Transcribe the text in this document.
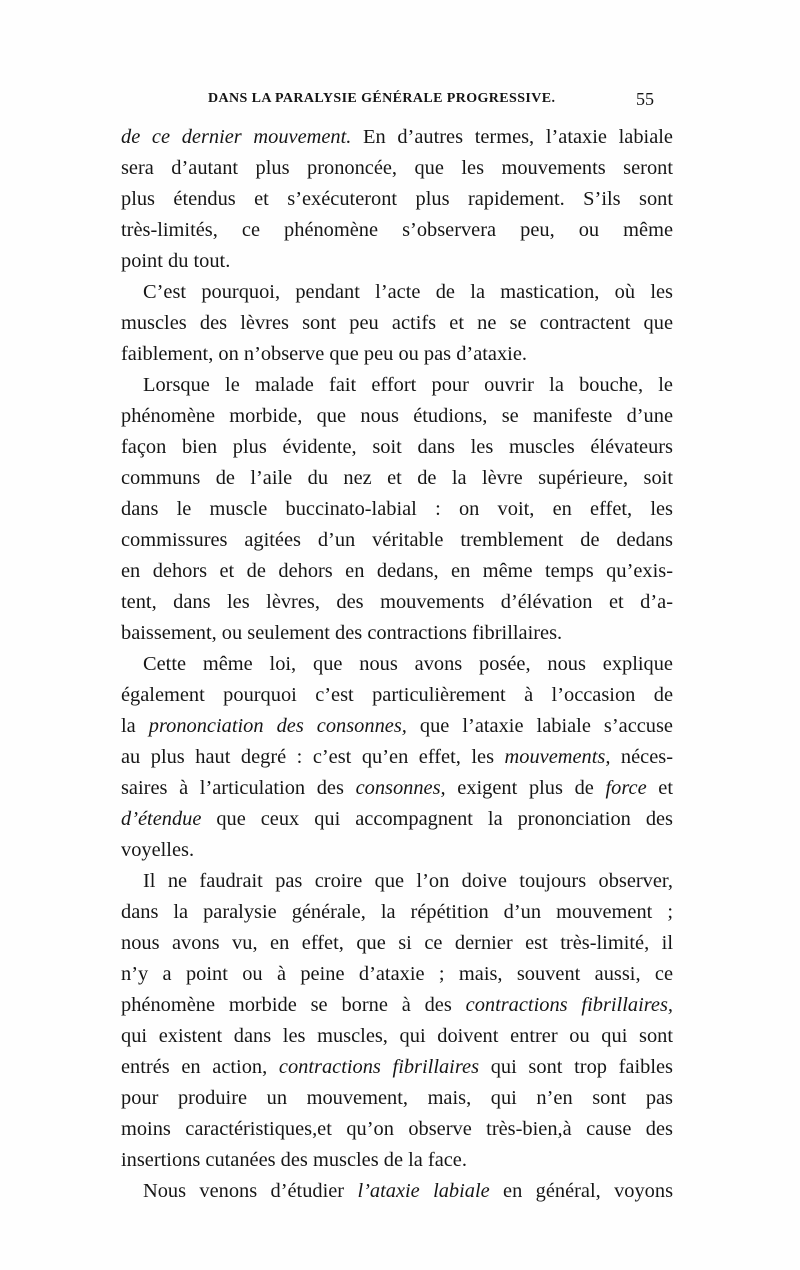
DANS LA PARALYSIE GÉNÉRALE PROGRESSIVE.	55
de ce dernier mouvement. En d’autres termes, l’ataxie labiale
sera d’autant plus prononcée, que les mouvements seront
plus étendus et s’exécuteront plus rapidement. S’ils sont
très-limités, ce phénomène s’observera peu, ou même
point du tout.
C’est pourquoi, pendant l’acte de la mastication, où les
muscles des lèvres sont peu actifs et ne se contractent que
faiblement, on n’observe que peu ou pas d’ataxie.
Lorsque le malade fait effort pour ouvrir la bouche, le
phénomène morbide, que nous étudions, se manifeste d’une
façon bien plus évidente, soit dans les muscles élévateurs
communs de l’aile du nez et de la lèvre supérieure, soit
dans le muscle buccinato-labial : on voit, en effet, les
commissures agitées d’un véritable tremblement de dedans
en dehors et de dehors en dedans, en même temps qu’exis-
tent, dans les lèvres, des mouvements d’élévation et d’a-
baissement, ou seulement des contractions fibrillaires.
Cette même loi, que nous avons posée, nous explique
également pourquoi c’est particulièrement à l’occasion de
la prononciation des consonnes, que l’ataxie labiale s’accuse
au plus haut degré : c’est qu’en effet, les mouvements, néces-
saires à l’articulation des consonnes, exigent plus de force et
d’étendue que ceux qui accompagnent la prononciation des
voyelles.
Il ne faudrait pas croire que l’on doive toujours observer,
dans la paralysie générale, la répétition d’un mouvement ;
nous avons vu, en effet, que si ce dernier est très-limité, il
n’y a point ou à peine d’ataxie ; mais, souvent aussi, ce
phénomène morbide se borne à des contractions fibrillaires,
qui existent dans les muscles, qui doivent entrer ou qui sont
entrés en action, contractions fibrillaires qui sont trop faibles
pour produire un mouvement, mais, qui n’en sont pas
moins caractéristiques,et qu’on observe très-bien,à cause des
insertions cutanées des muscles de la face.
Nous venons d’étudier l’ataxie labiale en général, voyons
